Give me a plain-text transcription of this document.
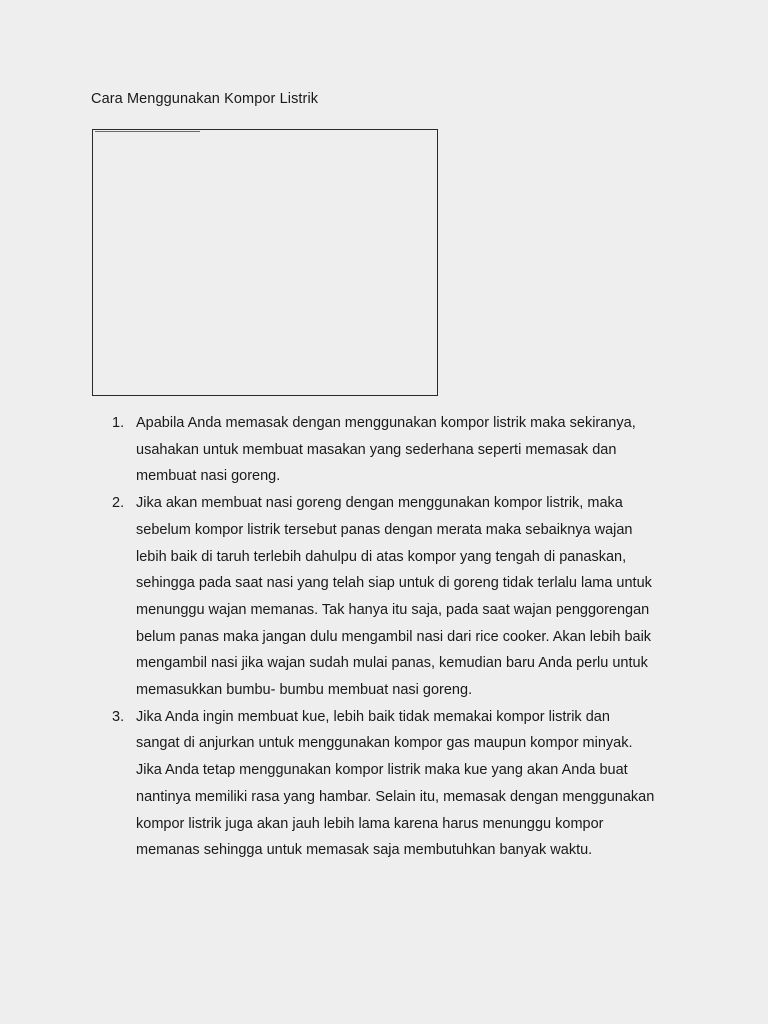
Cara Menggunakan Kompor Listrik
1. Apabila Anda memasak dengan menggunakan kompor listrik maka sekiranya,
usahakan untuk membuat masakan yang sederhana seperti memasak dan
membuat nasi goreng.
2. Jika akan membuat nasi goreng dengan menggunakan kompor listrik, maka
sebelum kompor listrik tersebut panas dengan merata maka sebaiknya wajan
lebih baik di taruh terlebih dahulpu di atas kompor yang tengah di panaskan,
sehingga pada saat nasi yang telah siap untuk di goreng tidak terlalu lama untuk
menunggu wajan memanas. Tak hanya itu saja, pada saat wajan penggorengan
belum panas maka jangan dulu mengambil nasi dari rice cooker. Akan lebih baik
mengambil nasi jika wajan sudah mulai panas, kemudian baru Anda perlu untuk
memasukkan bumbu- bumbu membuat nasi goreng.
3. Jika Anda ingin membuat kue, lebih baik tidak memakai kompor listrik dan
sangat di anjurkan untuk menggunakan kompor gas maupun kompor minyak.
Jika Anda tetap menggunakan kompor listrik maka kue yang akan Anda buat
nantinya memiliki rasa yang hambar. Selain itu, memasak dengan menggunakan
kompor listrik juga akan jauh lebih lama karena harus menunggu kompor
memanas sehingga untuk memasak saja membutuhkan banyak waktu.
